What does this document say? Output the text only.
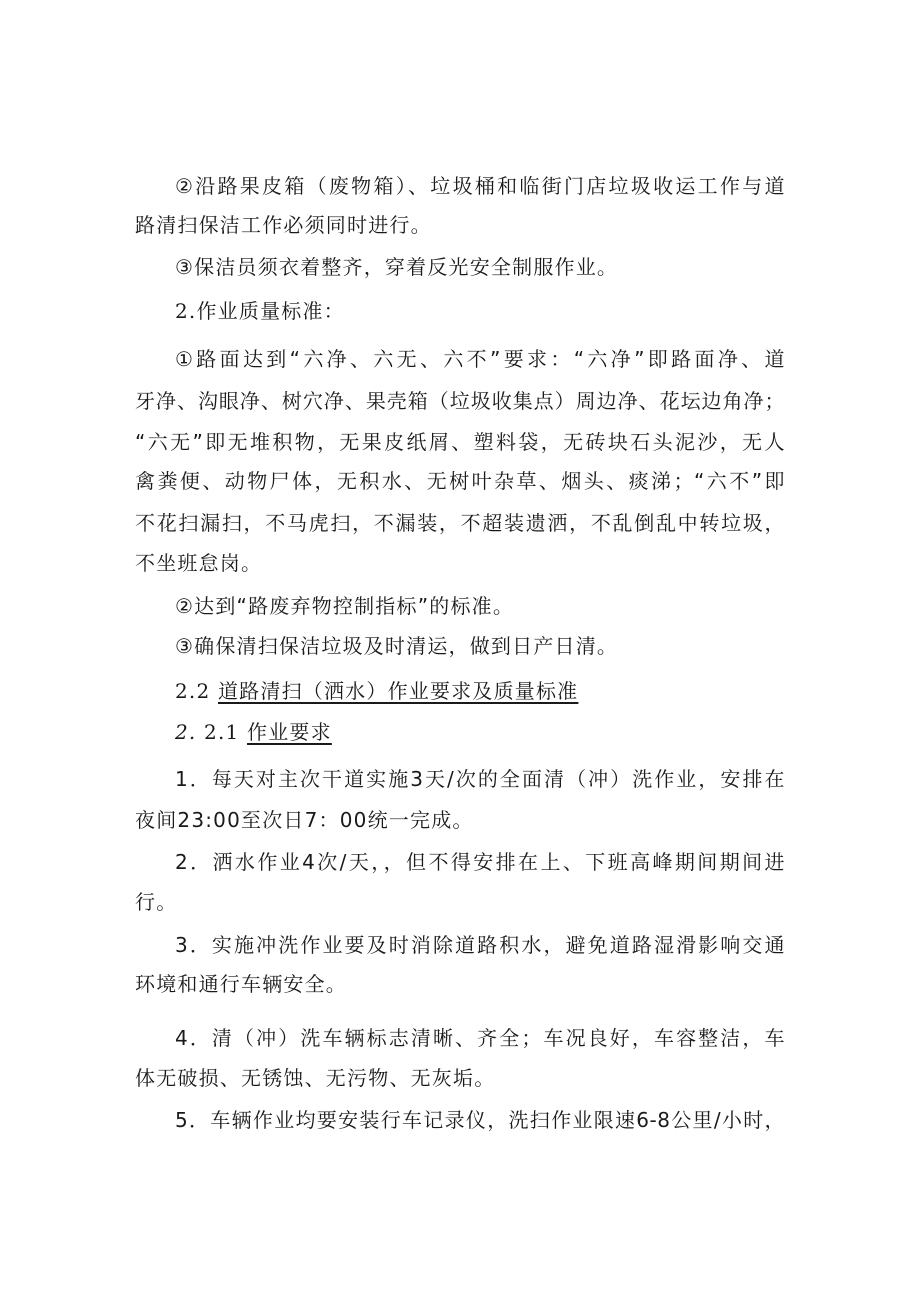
②沿路果皮箱（废物箱）、垃圾桶和临街门店垃圾收运工作与道
路清扫保洁工作必须同时进行。
③保洁员须衣着整齐，穿着反光安全制服作业。
2.作业质量标准：
①路面达到“六净、六无、六不”要求：“六净”即路面净、道
牙净、沟眼净、树穴净、果壳箱（垃圾收集点）周边净、花坛边角净；
“六无”即无堆积物，无果皮纸屑、塑料袋，无砖块石头泥沙，无人
禽粪便、动物尸体，无积水、无树叶杂草、烟头、痰涕；“六不”即
不花扫漏扫，不马虎扫，不漏装，不超装遗洒，不乱倒乱中转垃圾，
不坐班怠岗。
②达到“路废弃物控制指标”的标准。
③确保清扫保洁垃圾及时清运，做到日产日清。
2.2 道路清扫（洒水）作业要求及质量标准
2. 2.1 作业要求
1．每天对主次干道实施3天/次的全面清（冲）洗作业，安排在
夜间23:00至次日7：00统一完成。
2．洒水作业4次/天，，但不得安排在上、下班高峰期间期间进
行。
3．实施冲洗作业要及时消除道路积水，避免道路湿滑影响交通
环境和通行车辆安全。
4．清（冲）洗车辆标志清晰、齐全；车况良好，车容整洁，车
体无破损、无锈蚀、无污物、无灰垢。
5．车辆作业均要安装行车记录仪，洗扫作业限速6-8公里/小时，
